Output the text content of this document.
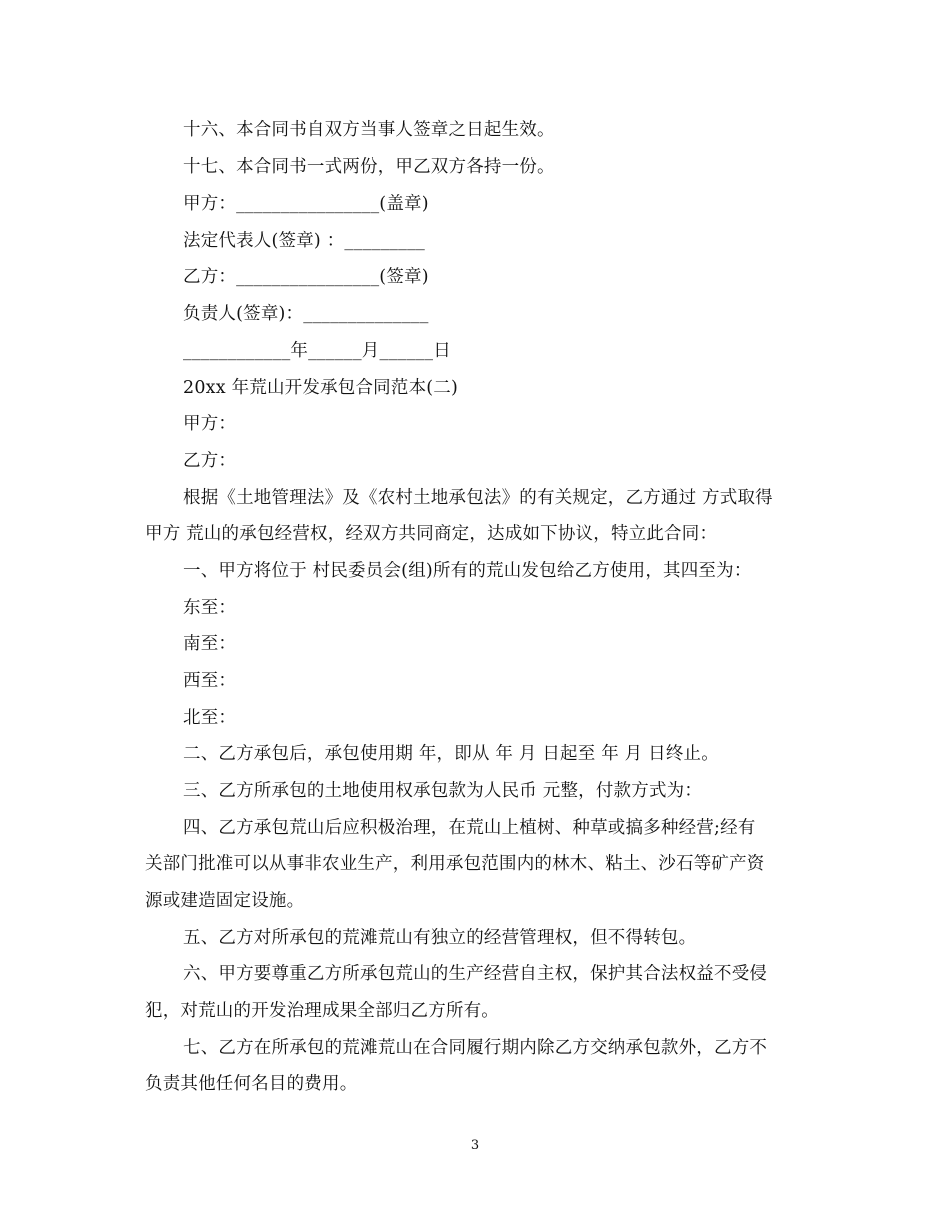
十六、本合同书自双方当事人签章之日起生效。
十七、本合同书一式两份，甲乙双方各持一份。
甲方：________________(盖章)
法定代表人(签章) ：_________
乙方：________________(签章)
负责人(签章)：______________
____________年______月______日
20xx 年荒山开发承包合同范本(二)
甲方：
乙方：
根据《土地管理法》及《农村土地承包法》的有关规定，乙方通过 方式取得
甲方 荒山的承包经营权，经双方共同商定，达成如下协议，特立此合同：
一、甲方将位于 村民委员会(组)所有的荒山发包给乙方使用，其四至为：
东至：
南至：
西至：
北至：
二、乙方承包后，承包使用期 年，即从 年 月 日起至 年 月 日终止。
三、乙方所承包的土地使用权承包款为人民币 元整，付款方式为：
四、乙方承包荒山后应积极治理，在荒山上植树、种草或搞多种经营;经有
关部门批准可以从事非农业生产，利用承包范围内的林木、粘土、沙石等矿产资
源或建造固定设施。
五、乙方对所承包的荒滩荒山有独立的经营管理权，但不得转包。
六、甲方要尊重乙方所承包荒山的生产经营自主权，保护其合法权益不受侵
犯，对荒山的开发治理成果全部归乙方所有。
七、乙方在所承包的荒滩荒山在合同履行期内除乙方交纳承包款外，乙方不
负责其他任何名目的费用。
3
